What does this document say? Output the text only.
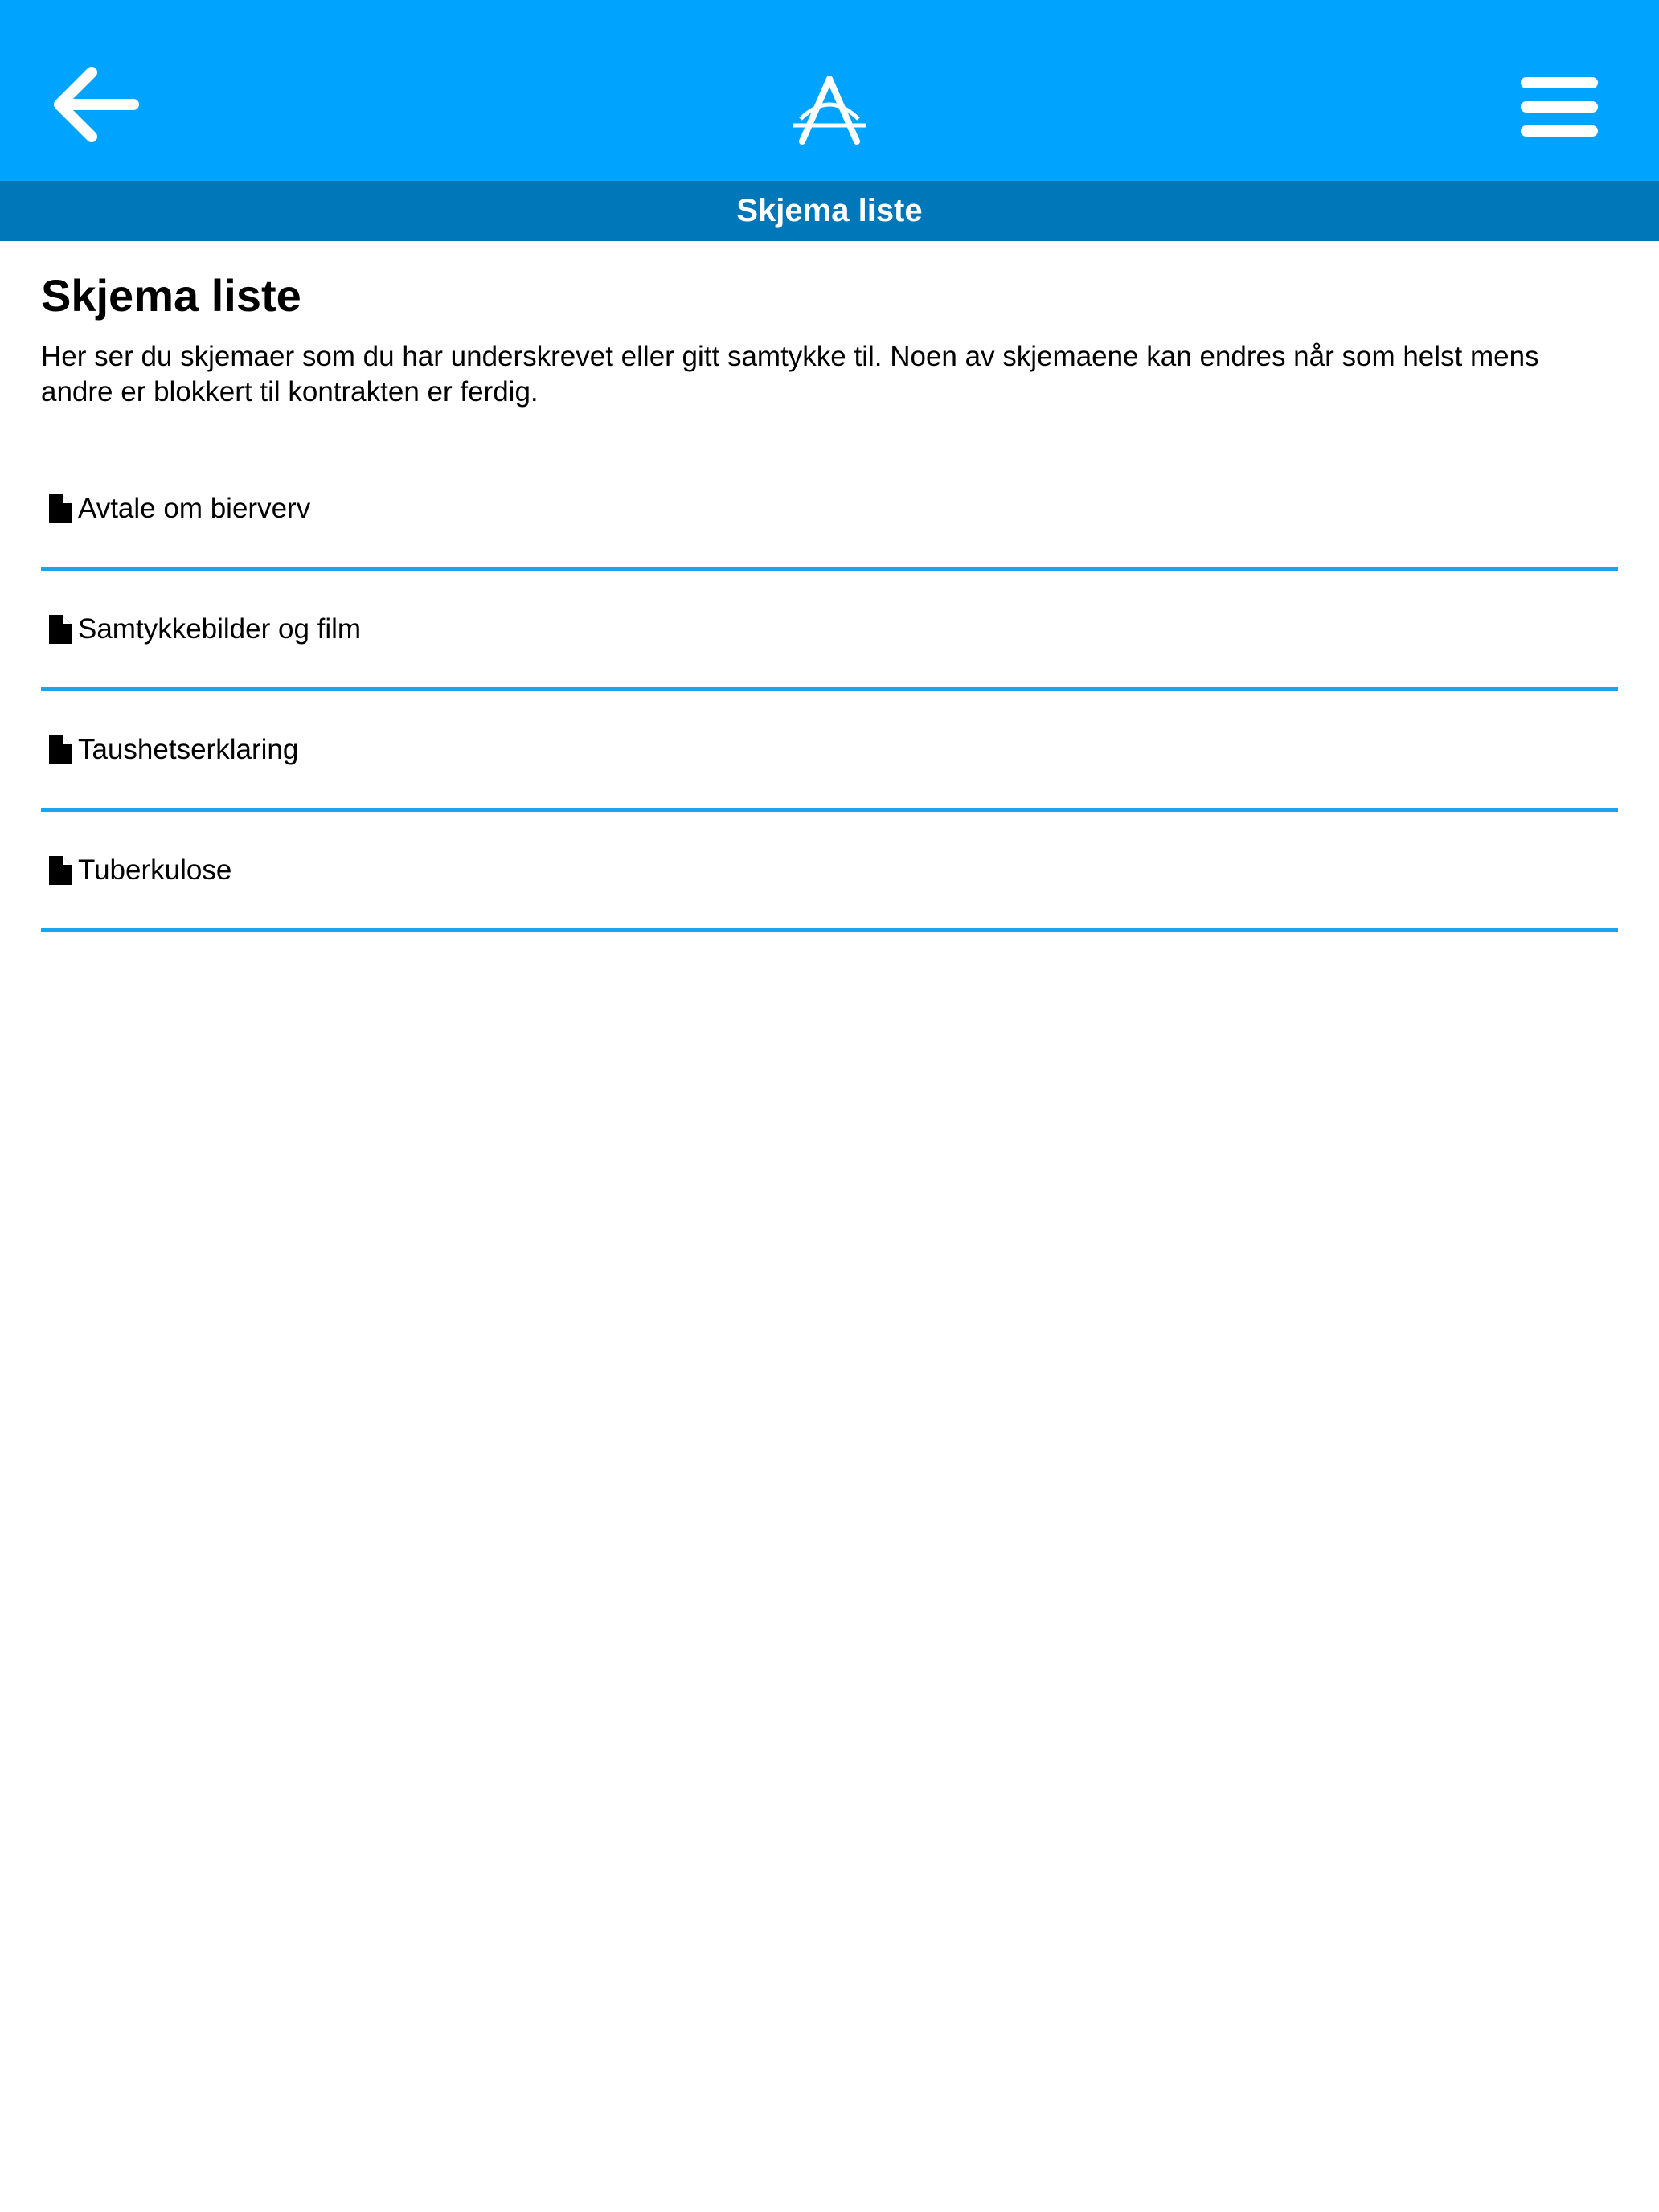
Skjema liste
Skjema liste

Her ser du skjemaer som du har underskrevet eller gitt samtykke til. Noen av skjemaene kan endres når som helst mens andre er blokkert til kontrakten er ferdig.

Avtale om bierverv
Samtykkebilder og film
Taushetserklaring
Tuberkulose
